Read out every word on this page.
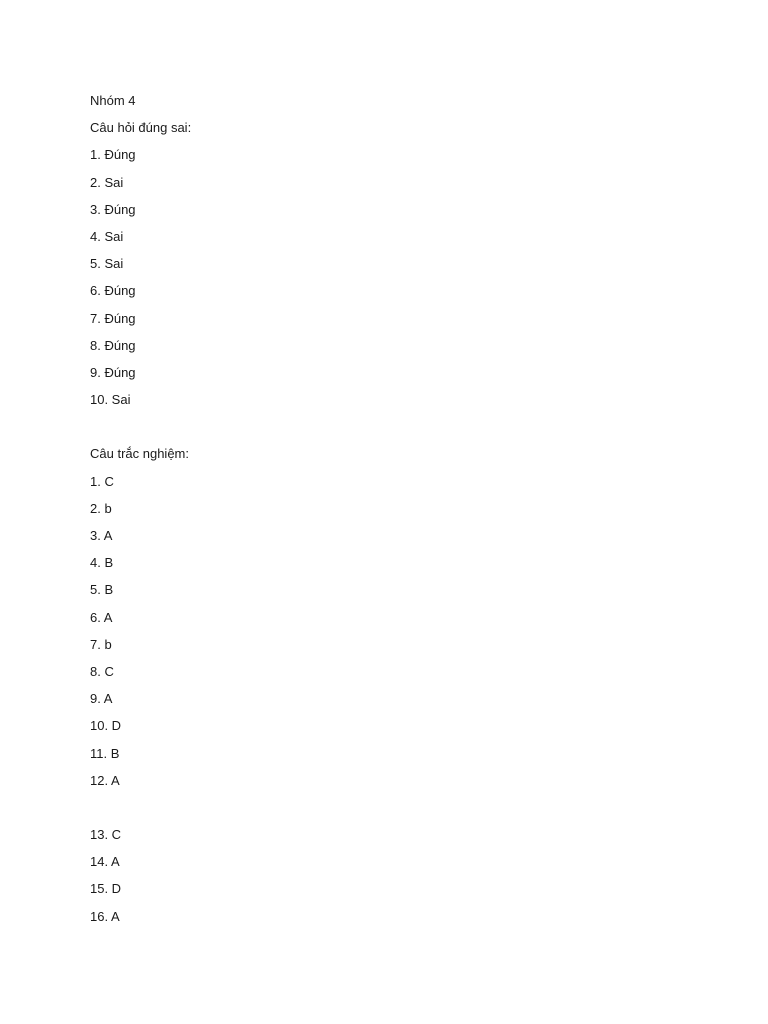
Nhóm 4
Câu hỏi đúng sai:
1. Đúng
2. Sai
3. Đúng
4. Sai
5. Sai
6. Đúng
7. Đúng
8. Đúng
9. Đúng
10. Sai
Câu trắc nghiệm:
1. C
2. b
3. A
4. B
5. B
6. A
7. b
8. C
9. A
10. D
11. B
12. A
13. C
14. A
15. D
16. A
